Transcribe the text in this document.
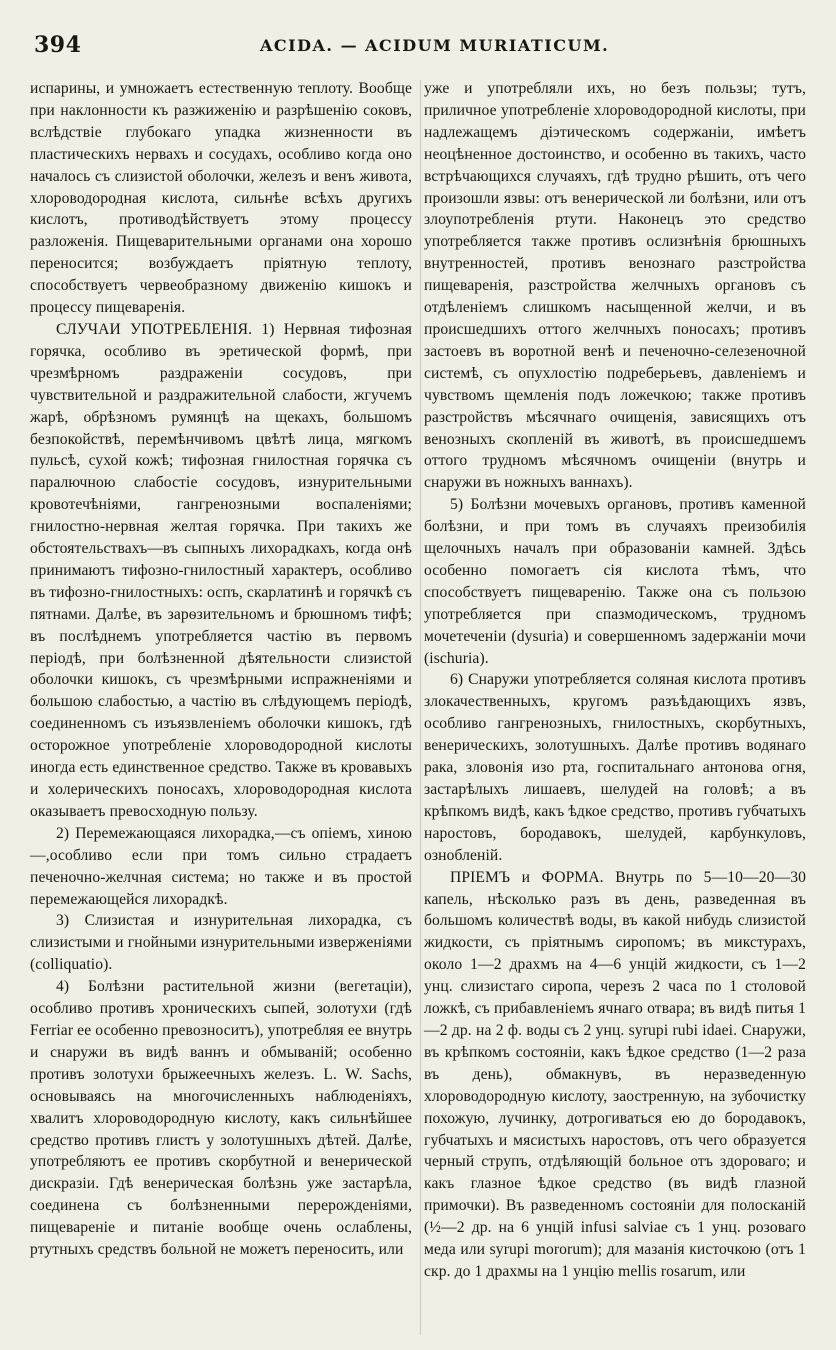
394	ACIDA. — ACIDUM MURIATICUM.

испарины, и умножаетъ естественную теплоту. Вообще при наклонности къ разжиженію и разрѣшенію соковъ, вслѣдствіе глубокаго упадка жизненности въ пластическихъ нервахъ и сосудахъ, особливо когда оно началось съ слизистой оболочки, железъ и венъ живота, хлороводородная кислота, сильнѣе всѣхъ другихъ кислотъ, противодѣйствуетъ этому процессу разложенія. Пищеварительными органами она хорошо переносится; возбуждаетъ пріятную теплоту, способствуетъ червеобразному движенію кишокъ и процессу пищеваренія.

СЛУЧАИ УПОТРЕБЛЕНІЯ. 1) Нервная тифозная горячка, особливо въ эретической формѣ, при чрезмѣрномъ раздраженіи сосудовъ, при чувствительной и раздражительной слабости, жгучемъ жарѣ, обрѣзномъ румянцѣ на щекахъ, большомъ безпокойствѣ, перемѣнчивомъ цвѣтѣ лица, мягкомъ пульсѣ, сухой кожѣ; тифозная гнилостная горячка съ паралючною слабостіе сосудовъ, изнурительными кровотечѣніями, гангренозными воспаленіями; гнилостно-нервная желтая горячка. При такихъ же обстоятельствахъ—въ сыпныхъ лихорадкахъ, когда онѣ принимаютъ тифозно-гнилостный характеръ, особливо въ тифозно-гнилостныхъ: оспъ, скарлатинѣ и горячкѣ съ пятнами. Далѣе, въ зарѳзительномъ и брюшномъ тифѣ; въ послѣднемъ употребляется частію въ первомъ періодѣ, при болѣзненной дѣятельности слизистой оболочки кишокъ, съ чрезмѣрными испражненіями и большою слабостью, а частію въ слѣдующемъ періодѣ, соединенномъ съ изъязвленіемъ оболочки кишокъ, гдѣ осторожное употребленіе хлороводородной кислоты иногда есть единственное средство. Также въ кровавыхъ и холерическихъ поносахъ, хлороводородная кислота оказываетъ превосходную пользу.

2) Перемежающаяся лихорадка,—съ опіемъ, хиною—,особливо если при томъ сильно страдаетъ печеночно-желчная система; но также и въ простой перемежающейся лихорадкѣ.

3) Слизистая и изнурительная лихорадка, съ слизистыми и гнойными изнурительными изверженіями (colliquatio).

4) Болѣзни растительной жизни (вегетаціи), особливо противъ хроническихъ сыпей, золотухи (гдѣ Ferriar ее особенно превозноситъ), употребляя ее внутрь и снаружи въ видѣ ваннъ и обмываній; особенно противъ золотухи брыжеечныхъ железъ. L. W. Sachs, основываясь на многочисленныхъ наблюденіяхъ, хвалитъ хлороводородную кислоту, какъ сильнѣйшее средство противъ глистъ у золотушныхъ дѣтей. Далѣе, употребляютъ ее противъ скорбутной и венерической дискразіи. Гдѣ венерическая болѣзнь уже застарѣла, соединена съ болѣзненными перерожденіями, пищевареніе и питаніе вообще очень ослаблены, ртутныхъ средствъ больной не можетъ переносить, или

уже и употребляли ихъ, но безъ пользы; тутъ, приличное употребленіе хлороводородной кислоты, при надлежащемъ діэтическомъ содержаніи, имѣетъ неоцѣненное достоинство, и особенно въ такихъ, часто встрѣчающихся случаяхъ, гдѣ трудно рѣшить, отъ чего произошли язвы: отъ венерической ли болѣзни, или отъ злоупотребленія ртути. Наконецъ это средство употребляется также противъ ослизнѣнія брюшныхъ внутренностей, противъ венознаго разстройства пищеваренія, разстройства желчныхъ органовъ съ отдѣленіемъ слишкомъ насыщенной желчи, и въ происшедшихъ оттого желчныхъ поносахъ; противъ застоевъ въ воротной венѣ и печеночно-селезеночной системѣ, съ опухлостію подреберьевъ, давленіемъ и чувствомъ щемленія подъ ложечкою; также противъ разстройствъ мѣсячнаго очищенія, зависящихъ отъ венозныхъ скопленій въ животѣ, въ происшедшемъ оттого трудномъ мѣсячномъ очищеніи (внутрь и снаружи въ ножныхъ ваннахъ).

5) Болѣзни мочевыхъ органовъ, противъ каменной болѣзни, и при томъ въ случаяхъ преизобилія щелочныхъ началъ при образованіи камней. Здѣсь особенно помогаетъ сія кислота тѣмъ, что способствуетъ пищеваренію. Также она съ пользою употребляется при спазмодическомъ, трудномъ мочетеченіи (dysuria) и совершенномъ задержаніи мочи (ischuria).

6) Снаружи употребляется соляная кислота противъ злокачественныхъ, кругомъ разъѣдающихъ язвъ, особливо гангренозныхъ, гнилостныхъ, скорбутныхъ, венерическихъ, золотушныхъ. Далѣе противъ водянаго рака, зловонія изо рта, госпитальнаго антонова огня, застарѣлыхъ лишаевъ, шелудей на головѣ; а въ крѣпкомъ видѣ, какъ ѣдкое средство, противъ губчатыхъ наростовъ, бородавокъ, шелудей, карбункуловъ, ознобленій.

ПРІЕМЪ и ФОРМА. Внутрь по 5—10—20—30 капель, нѣсколько разъ въ день, разведенная въ большомъ количествѣ воды, въ какой нибудь слизистой жидкости, съ пріятнымъ сиропомъ; въ микстурахъ, около 1—2 драхмъ на 4—6 унцій жидкости, съ 1—2 унц. слизистаго сиропа, черезъ 2 часа по 1 столовой ложкѣ, съ прибавленіемъ ячнаго отвара; въ видѣ питья 1—2 др. на 2 ф. воды съ 2 унц. syrupi rubi idaei. Снаружи, въ крѣпкомъ состояніи, какъ ѣдкое средство (1—2 раза въ день), обмакнувъ, въ неразведенную хлороводородную кислоту, заостренную, на зубочистку похожую, лучинку, дотрогиваться ею до бородавокъ, губчатыхъ и мясистыхъ наростовъ, отъ чего образуется черный струпъ, отдѣляющій больное отъ здороваго; и какъ глазное ѣдкое средство (въ видѣ глазной примочки). Въ разведенномъ состояніи для полосканій (½—2 др. на 6 унцій infusi salviae съ 1 унц. розоваго меда или syrupi mororum); для мазанія кисточкою (отъ 1 скр. до 1 драхмы на 1 унцію mellis rosarum, или
